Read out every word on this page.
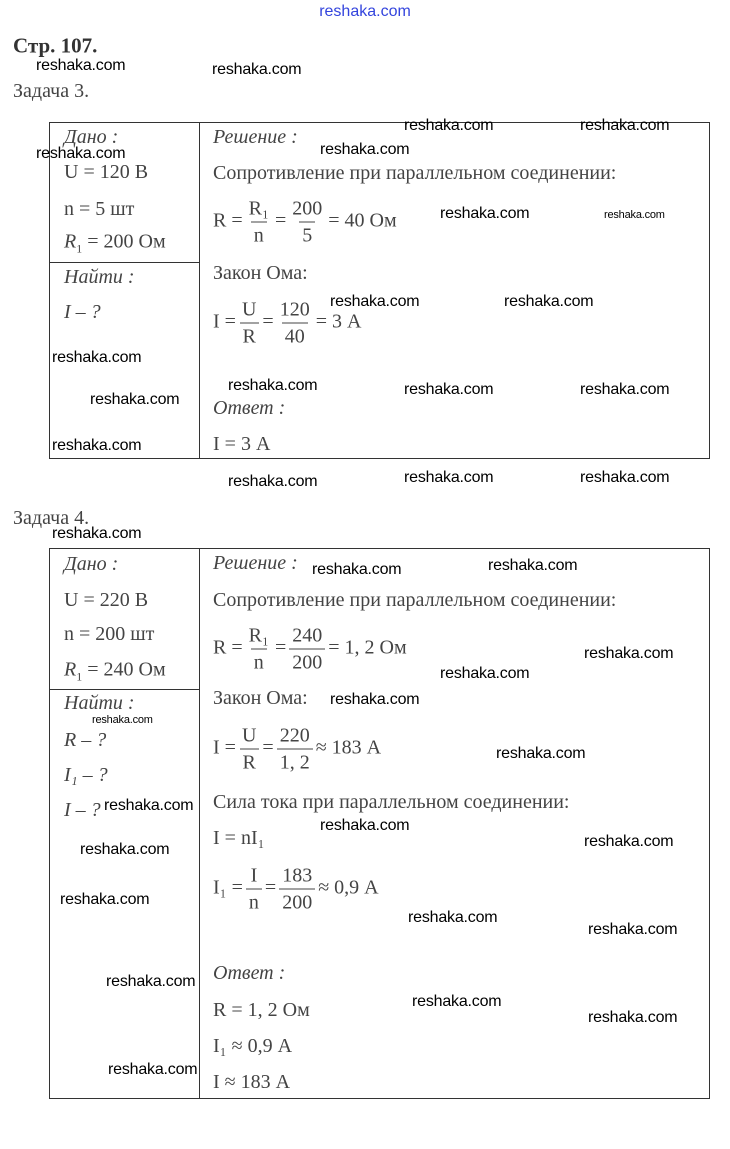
reshaka.com
Стр. 107.
Задача 3.
Дано :
U = 120 В
n = 5 шт
$R_1 = 200$ Ом
Найти :
I – ?
Решение :
Сопротивление при параллельном соединении:
$R = \frac{\text{R₁}}{n} = \frac{200}{5} = 40$ Ом
Закон Ома:
$I = \frac{U}{R} = \frac{120}{40} = 3$ А
Ответ :
I = 3 А
Задача 4.
Дано :
U = 220 В
n = 200 шт
$R_1 = 240$ Ом
Найти :
R – ?
I₁ – ?
I – ?
Решение :
Сопротивление при параллельном соединении:
$R = \frac{\text{R₁}}{n} = \frac{240}{200} = 1$, 2 Ом
Закон Ома:
$I = \frac{U}{R} = \frac{220}{1, 2} \approx 183$ А
Сила тока при параллельном соединении:
I = nI₁
$I_1 = \frac{I}{n} = \frac{183}{200} \approx 0,9$ А
Ответ :
R = 1, 2 Ом
I₁ ≈ 0,9 А
I ≈ 183 А
reshaka.com	reshaka.com
reshaka.com	reshaka.com
reshaka.com	reshaka.com
reshaka.com	reshaka.com
reshaka.com
reshaka.com	reshaka.com
reshaka.com
reshaka.com	reshaka.com	reshaka.com
reshaka.com
reshaka.com	reshaka.com	reshaka.com
reshaka.com
reshaka.com	reshaka.com
reshaka.com
reshaka.com
reshaka.com
reshaka.com
reshaka.com
reshaka.com
reshaka.com
reshaka.com
reshaka.com
reshaka.com
reshaka.com
reshaka.com
reshaka.com
reshaka.com
reshaka.com
reshaka.com
